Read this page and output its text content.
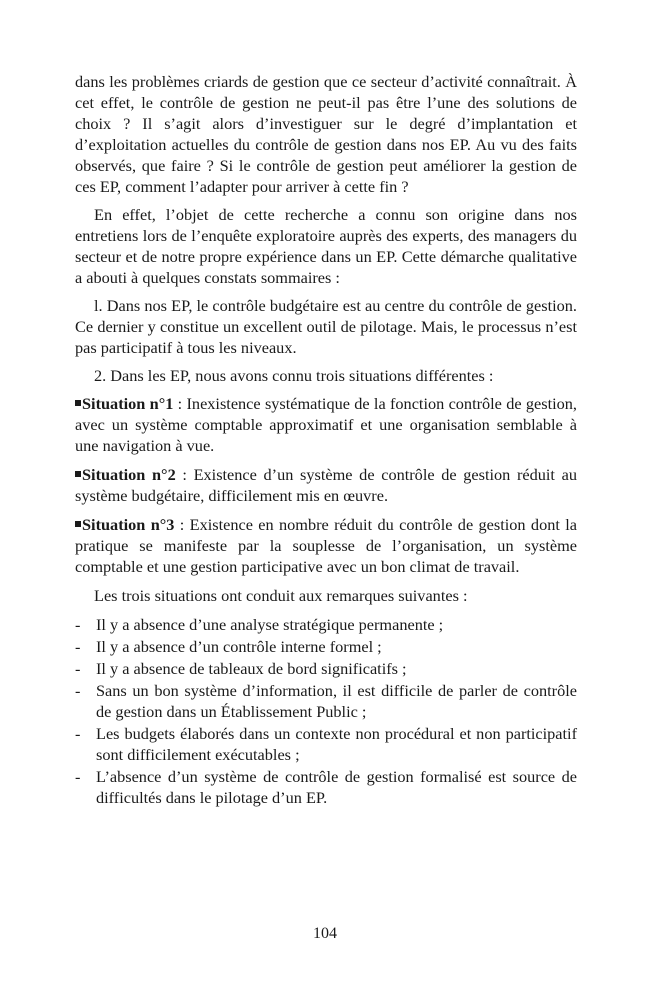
dans les problèmes criards de gestion que ce secteur d’activité connaîtrait. À cet effet, le contrôle de gestion ne peut-il pas être l’une des solutions de choix ? Il s’agit alors d’investiguer sur le degré d’implantation et d’exploitation actuelles du contrôle de gestion dans nos EP. Au vu des faits observés, que faire ? Si le contrôle de gestion peut améliorer la gestion de ces EP, comment l’adapter pour arriver à cette fin ?

En effet, l’objet de cette recherche a connu son origine dans nos entretiens lors de l’enquête exploratoire auprès des experts, des managers du secteur et de notre propre expérience dans un EP. Cette démarche qualitative a abouti à quelques constats sommaires :

l. Dans nos EP, le contrôle budgétaire est au centre du contrôle de gestion. Ce dernier y constitue un excellent outil de pilotage. Mais, le processus n’est pas participatif à tous les niveaux.

2. Dans les EP, nous avons connu trois situations différentes :

Situation n°1 : Inexistence systématique de la fonction contrôle de gestion, avec un système comptable approximatif et une organisation semblable à une navigation à vue.

Situation n°2 : Existence d’un système de contrôle de gestion réduit au système budgétaire, difficilement mis en œuvre.

Situation n°3 : Existence en nombre réduit du contrôle de gestion dont la pratique se manifeste par la souplesse de l’organisation, un système comptable et une gestion participative avec un bon climat de travail.

Les trois situations ont conduit aux remarques suivantes :

- Il y a absence d’une analyse stratégique permanente ;
- Il y a absence d’un contrôle interne formel ;
- Il y a absence de tableaux de bord significatifs ;
- Sans un bon système d’information, il est difficile de parler de contrôle de gestion dans un Établissement Public ;
- Les budgets élaborés dans un contexte non procédural et non participatif sont difficilement exécutables ;
- L’absence d’un système de contrôle de gestion formalisé est source de difficultés dans le pilotage d’un EP.
104
